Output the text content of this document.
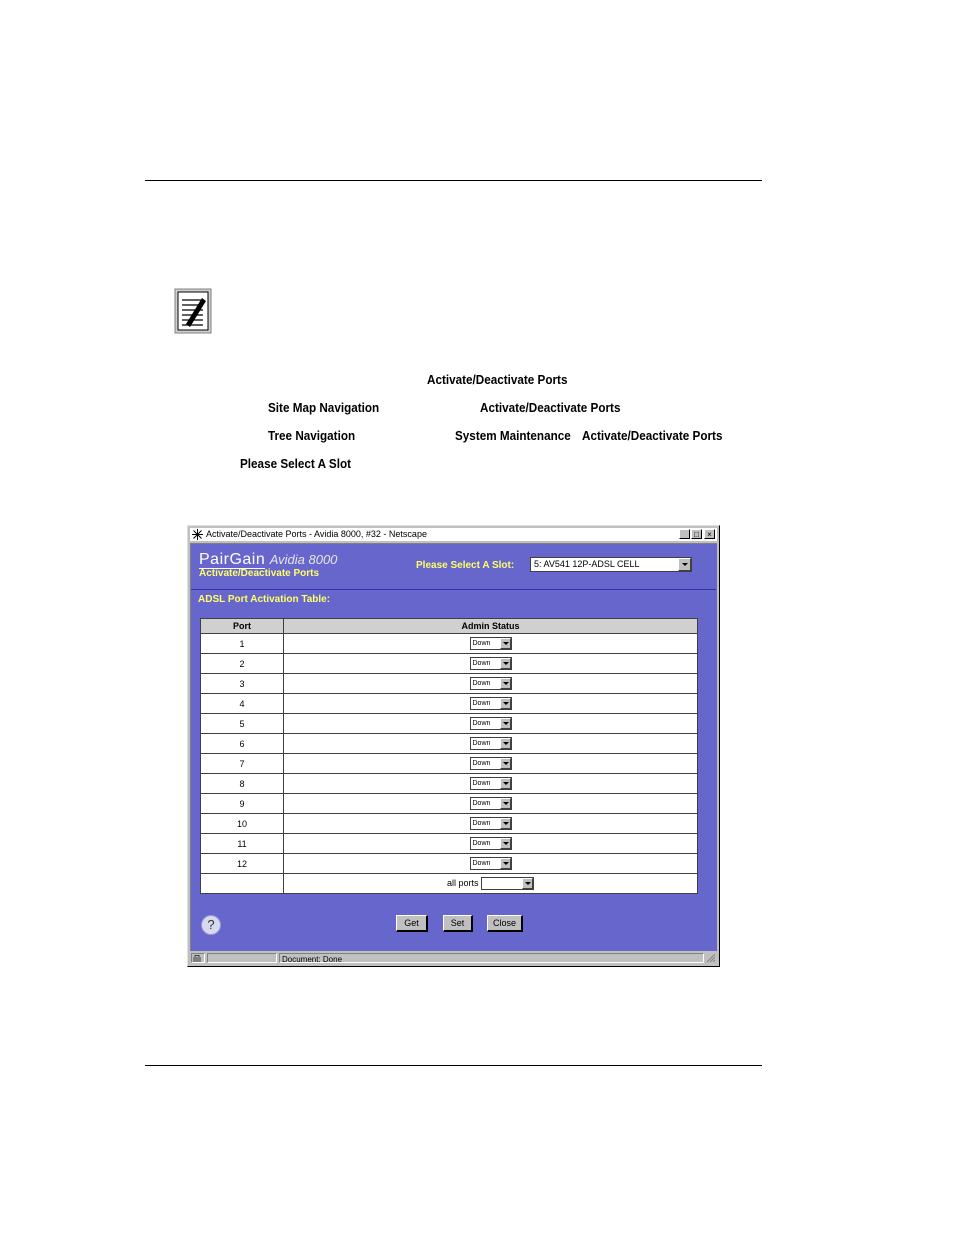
Activate/Deactivate Ports
Site Map Navigation	Activate/Deactivate Ports
Tree Navigation	System Maintenance Activate/Deactivate Ports
Please Select A Slot
Activate/Deactivate Ports - Avidia 8000, #32 - Netscape	_ □	×
PairGain Avidia 8000
Activate/Deactivate Ports
Please Select A Slot: 5: AV541 12P-ADSL CELL
ADSL Port Activation Table:
Port	Admin Status
1	Down

2	Down

3	Down

4	Down

5	Down

6	Down

7	Down

8	Down

9	Down

10	Down

11	Down

12	Down

	all ports
?	Get	Set	Close
Document: Done
